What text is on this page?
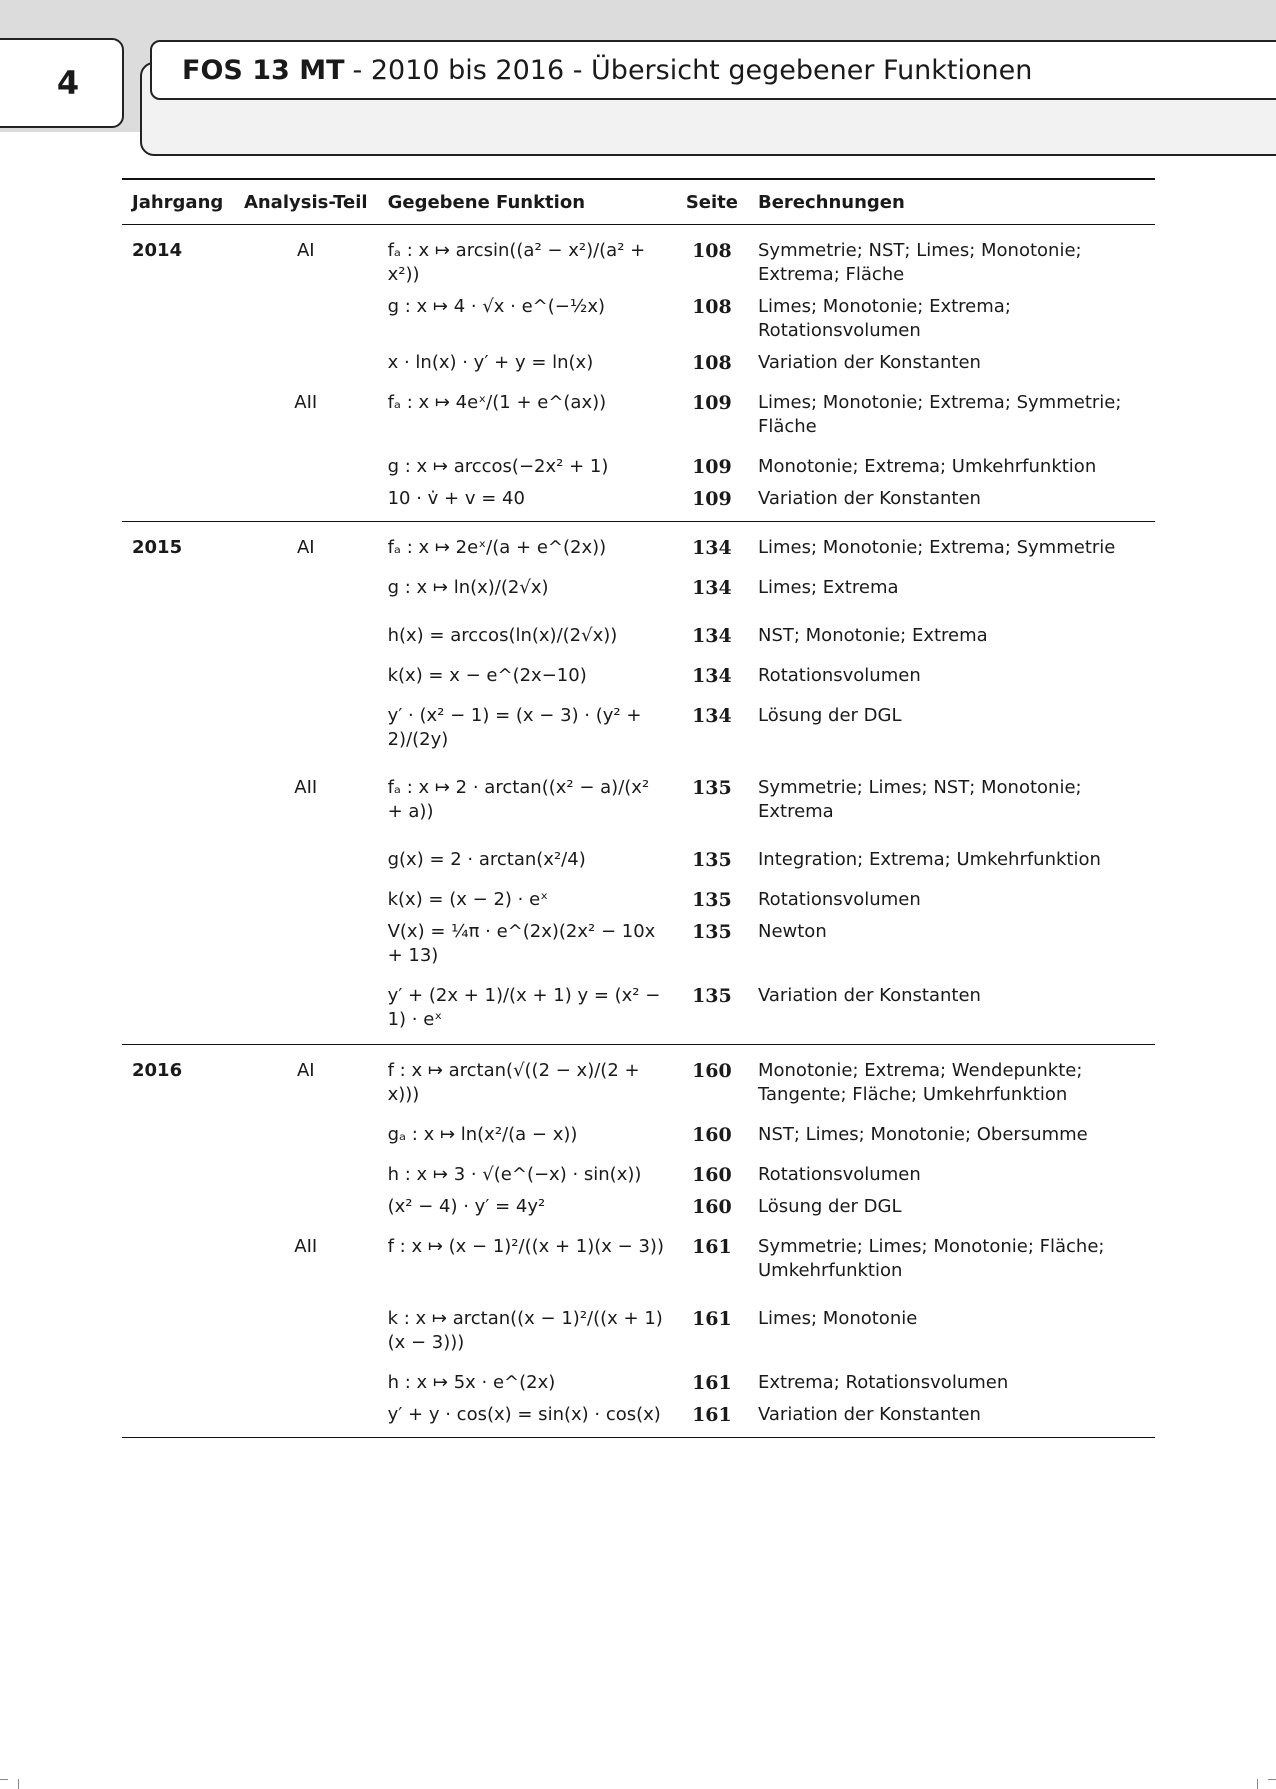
4	FOS 13 MT - 2010 bis 2016 - Übersicht gegebener Funktionen
Jahrgang	Analysis-Teil	Gegebene Funktion	Seite	Berechnungen
2014	AI	fₐ : x ↦ arcsin((a² − x²)/(a² + x²))	108	Symmetrie; NST; Limes; Monotonie; Extrema; Fläche
		g : x ↦ 4 · √x · e^(−½x)	108	Limes; Monotonie; Extrema; Rotationsvolumen
		x · ln(x) · y′ + y = ln(x)	108	Variation der Konstanten
	AII	fₐ : x ↦ 4eˣ/(1 + e^(ax))	109	Limes; Monotonie; Extrema; Symmetrie; Fläche
		g : x ↦ arccos(−2x² + 1)	109	Monotonie; Extrema; Umkehrfunktion
		10 · v̇ + v = 40	109	Variation der Konstanten
2015	AI	fₐ : x ↦ 2eˣ/(a + e^(2x))	134	Limes; Monotonie; Extrema; Symmetrie
		g : x ↦ ln(x)/(2√x)	134	Limes; Extrema
		h(x) = arccos(ln(x)/(2√x))	134	NST; Monotonie; Extrema
		k(x) = x − e^(2x−10)	134	Rotationsvolumen
		y′ · (x² − 1) = (x − 3) · (y² + 2)/(2y)	134	Lösung der DGL
	AII	fₐ : x ↦ 2 · arctan((x² − a)/(x² + a))	135	Symmetrie; Limes; NST; Monotonie; Extrema
		g(x) = 2 · arctan(x²/4)	135	Integration; Extrema; Umkehrfunktion
		k(x) = (x − 2) · eˣ	135	Rotationsvolumen
		V(x) = ¼π · e^(2x)(2x² − 10x + 13)	135	Newton
		y′ + (2x + 1)/(x + 1) y = (x² − 1) · eˣ	135	Variation der Konstanten
2016	AI	f : x ↦ arctan(√((2 − x)/(2 + x)))	160	Monotonie; Extrema; Wendepunkte; Tangente; Fläche; Umkehrfunktion
		gₐ : x ↦ ln(x²/(a − x))	160	NST; Limes; Monotonie; Obersumme
		h : x ↦ 3 · √(e^(−x) · sin(x))	160	Rotationsvolumen
		(x² − 4) · y′ = 4y²	160	Lösung der DGL
	AII	f : x ↦ (x − 1)²/((x + 1)(x − 3))	161	Symmetrie; Limes; Monotonie; Fläche; Umkehrfunktion
		k : x ↦ arctan((x − 1)²/((x + 1)(x − 3)))	161	Limes; Monotonie
		h : x ↦ 5x · e^(2x)	161	Extrema; Rotationsvolumen
		y′ + y · cos(x) = sin(x) · cos(x)	161	Variation der Konstanten
